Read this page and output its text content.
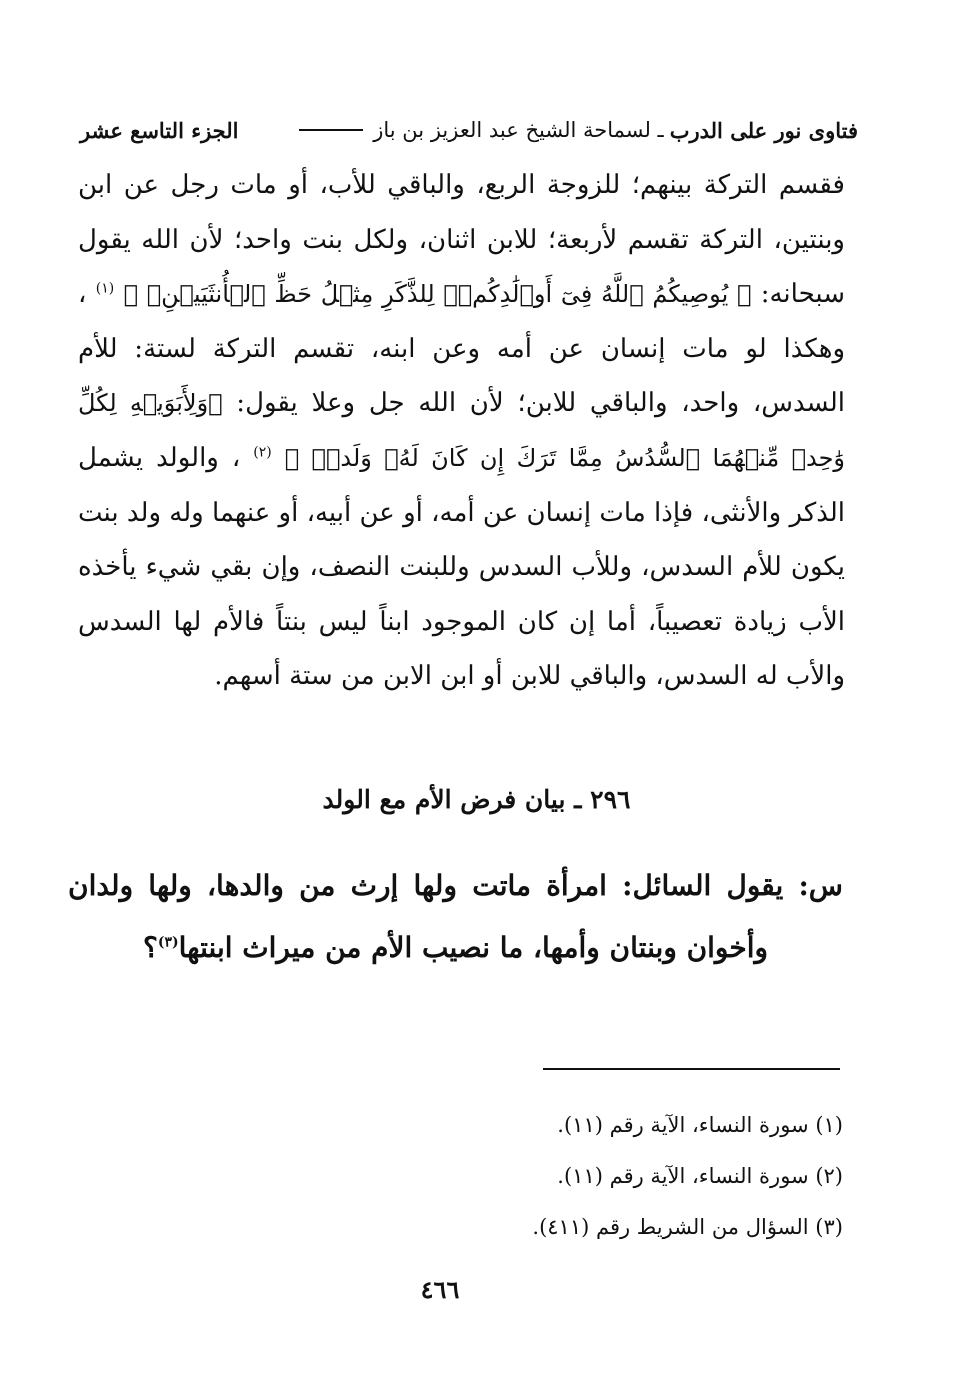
فتاوى نور على الدرب
ـ لسماحة الشيخ عبد العزيز بن باز
الجزء التاسع عشر

فقسم التركة بينهم؛ للزوجة الربع، والباقي للأب، أو مات رجل عن ابن وبنتين، التركة تقسم لأربعة؛ للابن اثنان، ولكل بنت واحد؛ لأن الله يقول سبحانه: ﴿ يُوصِيكُمُ ٱللَّهُ فِىٓ أَوۡلَٰدِكُمۡۖ لِلذَّكَرِ مِثۡلُ حَظِّ ٱلۡأُنثَيَيۡنِۚ ﴾ $^{(١)}$ ، وهكذا لو مات إنسان عن أمه وعن ابنه، تقسم التركة لستة: للأم السدس، واحد، والباقي للابن؛ لأن الله جل وعلا يقول: ﴿وَلِأَبَوَيۡهِ لِكُلِّ وَٰحِدٖ مِّنۡهُمَا ٱلسُّدُسُ مِمَّا تَرَكَ إِن كَانَ لَهُۥ وَلَدٞۚ ﴾ $^{(٢)}$ ، والولد يشمل الذكر والأنثى، فإذا مات إنسان عن أمه، أو عن أبيه، أو عنهما وله ولد بنت يكون للأم السدس، وللأب السدس وللبنت النصف، وإن بقي شيء يأخذه الأب زيادة تعصيباً، أما إن كان الموجود ابناً ليس بنتاً فالأم لها السدس والأب له السدس، والباقي للابن أو ابن الابن من ستة أسهم.

٢٩٦ ـ بيان فرض الأم مع الولد
س: يقول السائل: امرأة ماتت ولها إرث من والدها، ولها ولدان وأخوان وبنتان وأمها، ما نصيب الأم من ميراث ابنتها$^{(٣)}$؟
(١) سورة النساء، الآية رقم (١١).
(٢) سورة النساء، الآية رقم (١١).
(٣) السؤال من الشريط رقم (٤١١).
٤٦٦
